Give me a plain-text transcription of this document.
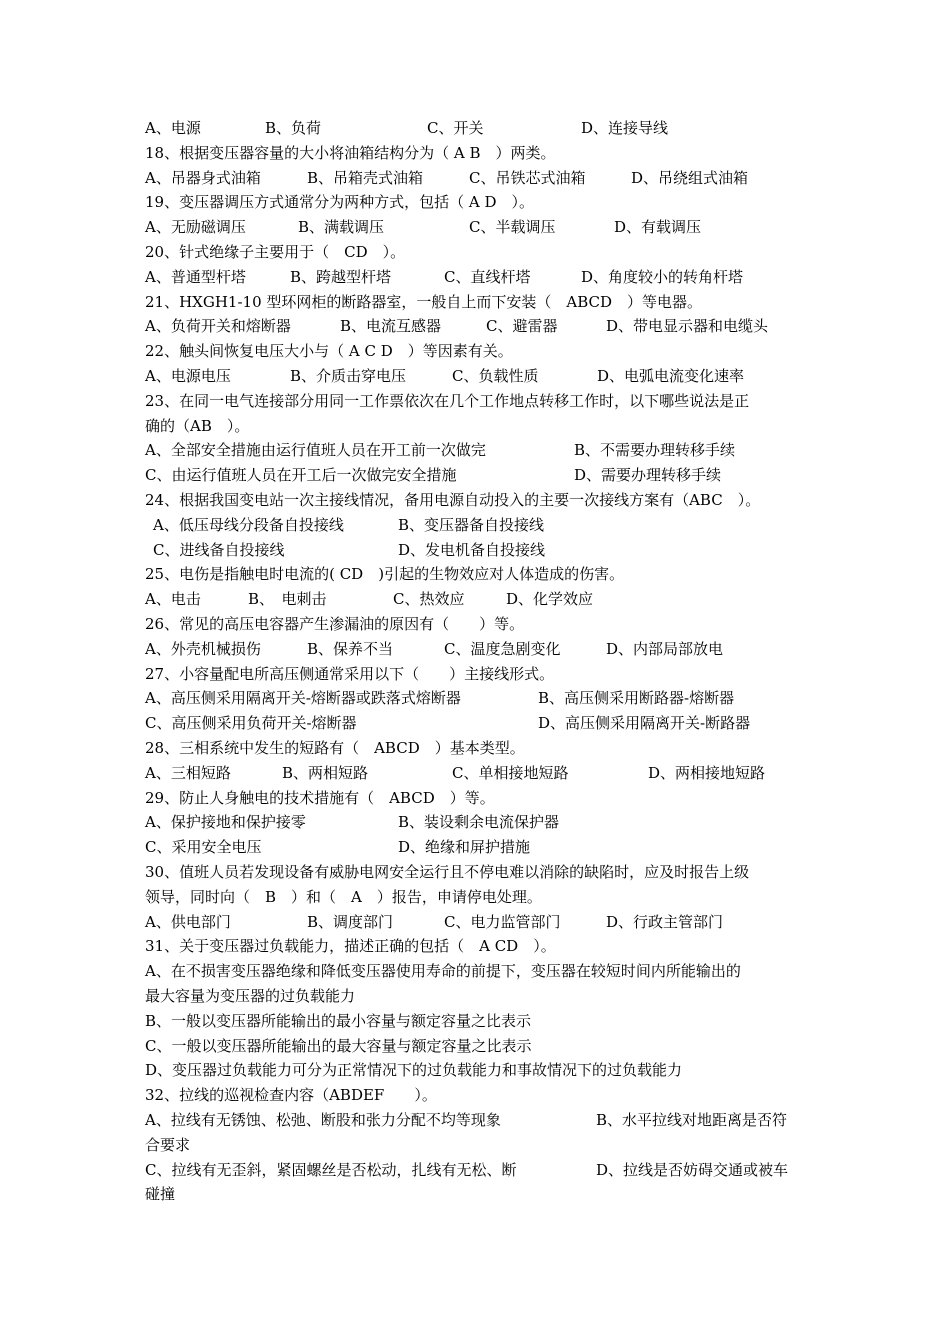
A、电源	B、负荷	C、开关	D、连接导线
18、根据变压器容量的大小将油箱结构分为（ A B　）两类。
A、吊器身式油箱	B、吊箱壳式油箱	C、吊铁芯式油箱	D、吊绕组式油箱
19、变压器调压方式通常分为两种方式，包括（ A D　）。
A、无励磁调压	B、满载调压	C、半载调压	D、有载调压
20、针式绝缘子主要用于（　CD　）。
A、普通型杆塔	B、跨越型杆塔	C、直线杆塔	D、角度较小的转角杆塔
21、HXGH1-10 型环网柜的断路器室，一般自上而下安装（　ABCD　）等电器。
A、负荷开关和熔断器	B、电流互感器	C、避雷器	D、带电显示器和电缆头
22、触头间恢复电压大小与（ A C D　）等因素有关。
A、电源电压	B、介质击穿电压	C、负载性质	D、电弧电流变化速率
23、在同一电气连接部分用同一工作票依次在几个工作地点转移工作时，以下哪些说法是正
确的（AB　）。
A、全部安全措施由运行值班人员在开工前一次做完	B、不需要办理转移手续
C、由运行值班人员在开工后一次做完安全措施	D、需要办理转移手续
24、根据我国变电站一次主接线情况，备用电源自动投入的主要一次接线方案有（ABC　）。
A、低压母线分段备自投接线	B、变压器备自投接线
C、进线备自投接线	D、发电机备自投接线
25、电伤是指触电时电流的( CD　)引起的生物效应对人体造成的伤害。
A、电击	B、　电刺击	C、热效应	D、化学效应
26、常见的高压电容器产生渗漏油的原因有（　　）等。
A、外壳机械损伤	B、保养不当	C、温度急剧变化	D、内部局部放电
27、小容量配电所高压侧通常采用以下（　　）主接线形式。
A、高压侧采用隔离开关-熔断器或跌落式熔断器	B、高压侧采用断路器-熔断器
C、高压侧采用负荷开关-熔断器	D、高压侧采用隔离开关-断路器
28、三相系统中发生的短路有（　ABCD　）基本类型。
A、三相短路	B、两相短路	C、单相接地短路	D、两相接地短路
29、防止人身触电的技术措施有（　ABCD　）等。
A、保护接地和保护接零	B、装设剩余电流保护器
C、采用安全电压	D、绝缘和屏护措施
30、值班人员若发现设备有威胁电网安全运行且不停电难以消除的缺陷时，应及时报告上级
领导，同时向（　B　）和（　A　）报告，申请停电处理。
A、供电部门	B、调度部门	C、电力监管部门	D、行政主管部门
31、关于变压器过负载能力，描述正确的包括（　A CD　）。
A、在不损害变压器绝缘和降低变压器使用寿命的前提下，变压器在较短时间内所能输出的
最大容量为变压器的过负载能力
B、一般以变压器所能输出的最小容量与额定容量之比表示
C、一般以变压器所能输出的最大容量与额定容量之比表示
D、变压器过负载能力可分为正常情况下的过负载能力和事故情况下的过负载能力
32、拉线的巡视检查内容（ABDEF　　）。
A、拉线有无锈蚀、松弛、断股和张力分配不均等现象	B、水平拉线对地距离是否符
合要求
C、拉线有无歪斜，紧固螺丝是否松动，扎线有无松、断	D、拉线是否妨碍交通或被车
碰撞
